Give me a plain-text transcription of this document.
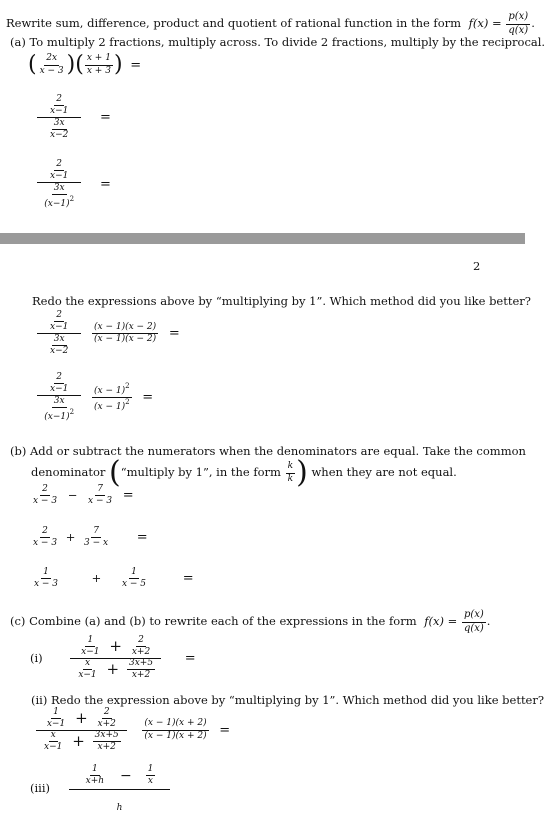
Rewrite sum, difference, product and quotient of rational function in the form $f(x) = \frac{p(x)}{q(x)}$ .
(a) To multiply 2 fractions, multiply across. To divide 2 fractions, multiply by the reciprocal.
( $\frac{2x}{x - 3}$ )( $\frac{x + 1}{x + 3}$ ) =
$\frac{\frac{2}{x-1}}{\frac{3x}{x-2}}$ =
$\frac{\frac{2}{x-1}}{\frac{3x}{(x-1)^2}}$ =
2
Redo the expressions above by “multiplying by 1”. Which method did you like better?
$\frac{\frac{2}{x-1}}{\frac{3x}{x-2}}$
$\frac{(x - 1)(x - 2)}{(x - 1)(x - 2)}$ =
$\frac{\frac{2}{x-1}}{\frac{3x}{(x-1)^2}}$
$\frac{(x - 1)^2}{(x - 1)^2}$ =
(b) Add or subtract the numerators when the denominators are equal. Take the common
denominator (“multiply by 1”, in the form $\frac{k}{k}$ ) when they are not equal.
$\frac{2}{x - 3} - \frac{7}{x - 3}$ =
$\frac{2}{x - 3} + \frac{7}{3 - x}$ =
$\frac{1}{x - 3}$	+ $\frac{1}{x - 5}$	=
(c) Combine (a) and (b) to rewrite each of the expressions in the form $f(x) = \frac{p(x)}{q(x)}$ .
(i)	$\frac{\frac{1}{x-1} + \frac{2}{x+2}}{\frac{x}{x-1} + \frac{3x+5}{x+2}}$ =
(ii) Redo the expression above by “multiplying by 1”. Which method did you like better?
$\frac{\frac{1}{x-1} + \frac{2}{x+2}}{\frac{x}{x-1} + \frac{3x+5}{x+2}}$
$\frac{(x - 1)(x + 2)}{(x - 1)(x + 2)}$ =
$(iii) \frac{\frac{1}{x+h} - \frac{1}{x}}{h}$
